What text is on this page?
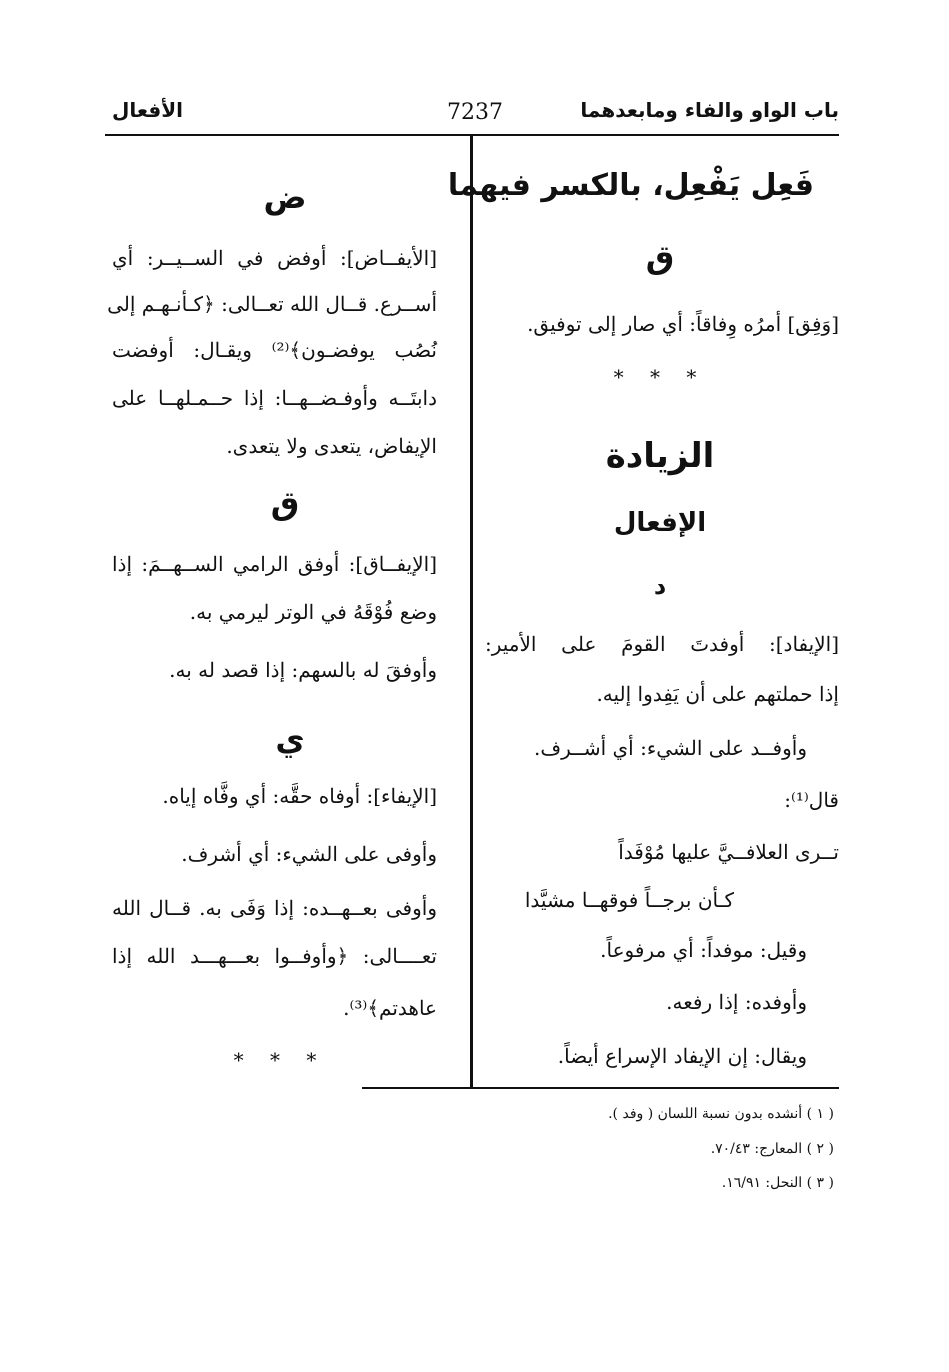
باب الواو والفاء ومابعدهما
7237
الأفعال
فَعِل يَفْعِل، بالكسر فيهما
ق
[وَفِق] أمرُه وِفاقاً: أي صار إلى توفيق.
* * *
الزيادة
الإفعال
د
[الإيفاد]: أوفدتَ القومَ على الأمير:
إذا حملتهم على أن يَفِدوا إليه.
وأوفــد على الشيء: أي أشــرف.
قال⁽¹⁾:
تــرى العلافــيَّ عليها مُوْفَداً
كـأن برجــاً فوقهــا مشيَّدا
وقيل: موفداً: أي مرفوعاً.
وأوفده: إذا رفعه.
ويقال: إن الإيفاد الإسراع أيضاً.
ض
[الأيفــاض]: أوفض في الســيــر: أي
أســرع. قــال الله تعــالى: ﴿كـأنـهـم إلى
نُصُب يوفضـون﴾⁽²⁾ ويقـال: أوفضت
دابتَــه وأوفـضــهــا: إذا حــمـلهــا على
الإيفاض، يتعدى ولا يتعدى.
ق
[الإيفــاق]: أوفق الرامي الســهــمَ: إذا
وضع فُوْقَهُ في الوتر ليرمي به.
وأوفقَ له بالسهم: إذا قصد له به.
ي
[الإيفاء]: أوفاه حقَّه: أي وفَّاه إياه.
وأوفى على الشيء: أي أشرف.
وأوفى بعــهــده: إذا وَفَى به. قــال الله
تعــــالى: ﴿وأوفــوا بعـــهـــد الله إذا
عاهدتم﴾⁽³⁾.
* * *
( ١ ) أنشده بدون نسبة اللسان ( وفد ).
( ٢ ) المعارج: ٧٠/٤٣.
( ٣ ) النحل: ١٦/٩١.
